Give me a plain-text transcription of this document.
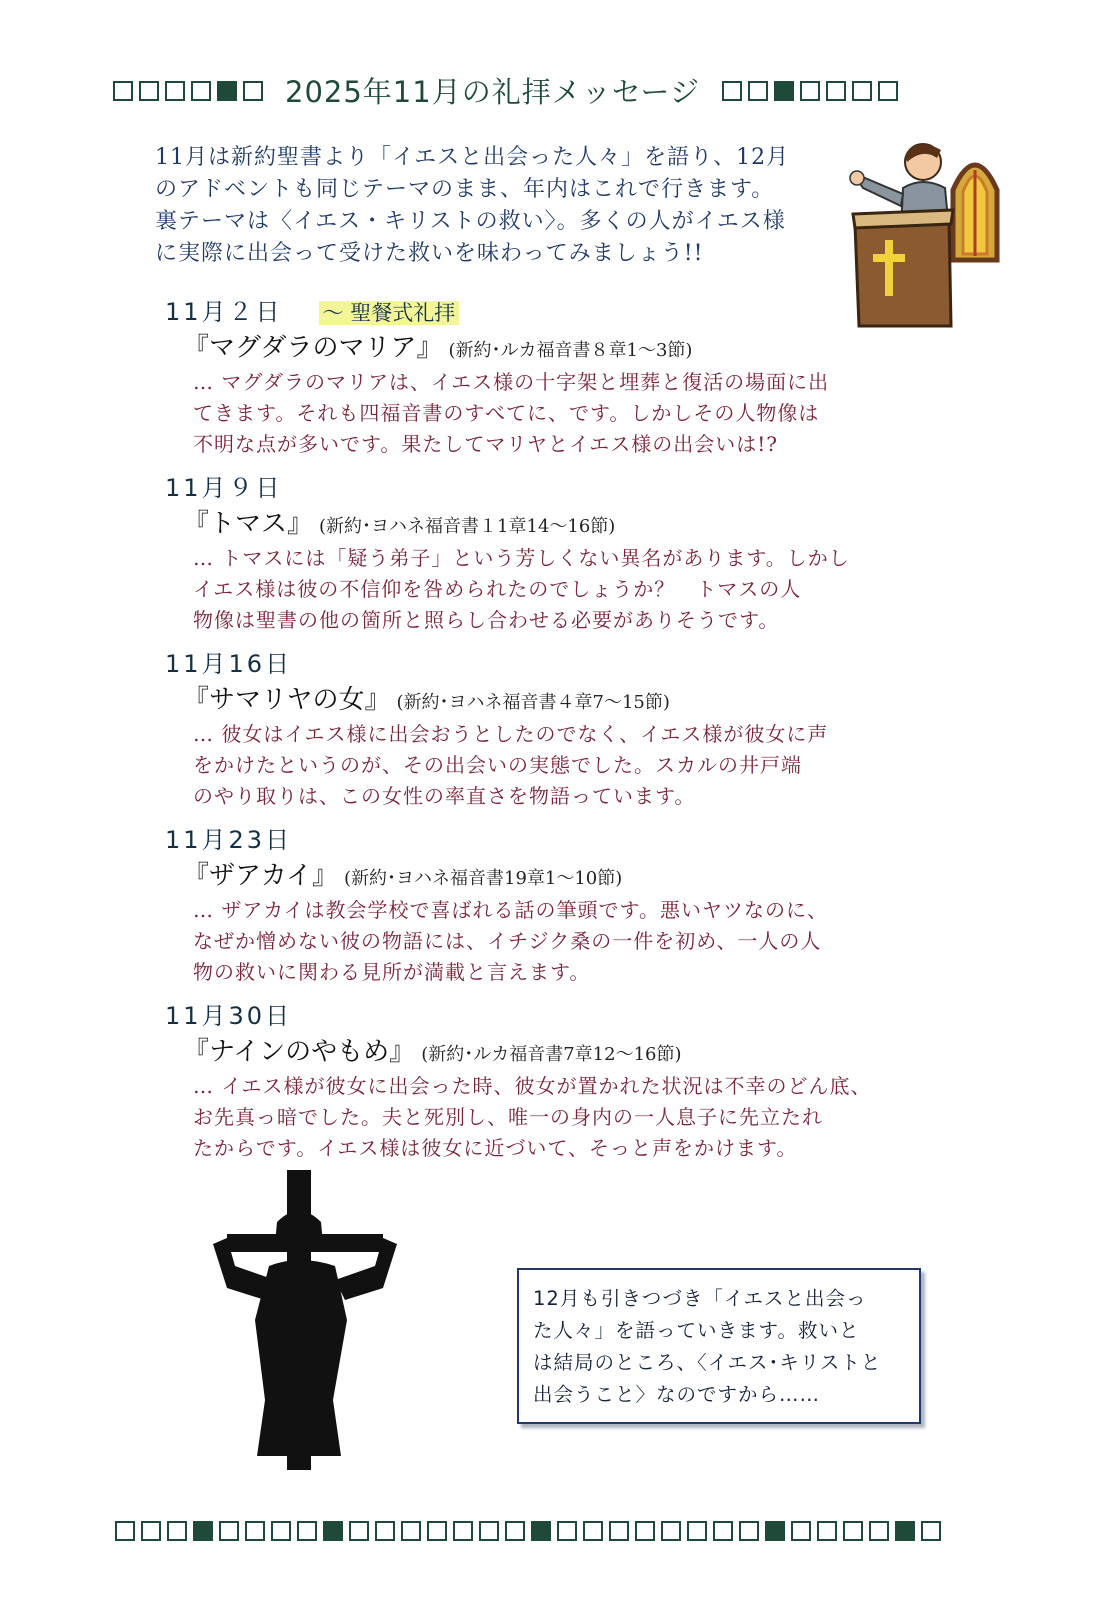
2025年11月の礼拝メッセージ

11月は新約聖書より「イエスと出会った人々」を語り、12月

のアドベントも同じテーマのまま、年内はこれで行きます。

裏テーマは〈イエス・キリストの救い〉。多くの人がイエス様

に実際に出会って受けた救いを味わってみましょう!!

11月２日 〜 聖餐式礼拝
『マグダラのマリア』 (新約･ルカ福音書８章1〜3節)
… マグダラのマリアは、イエス様の十字架と埋葬と復活の場面に出
てきます。それも四福音書のすべてに、です。しかしその人物像は
不明な点が多いです。果たしてマリヤとイエス様の出会いは!?
11月９日
『トマス』 (新約･ヨハネ福音書１1章14〜16節)
… トマスには「疑う弟子」という芳しくない異名があります。しかし
イエス様は彼の不信仰を咎められたのでしょうか？　トマスの人
物像は聖書の他の箇所と照らし合わせる必要がありそうです。
11月16日
『サマリヤの女』 (新約･ヨハネ福音書４章7〜15節)
… 彼女はイエス様に出会おうとしたのでなく、イエス様が彼女に声
をかけたというのが、その出会いの実態でした。スカルの井戸端
のやり取りは、この女性の率直さを物語っています。
11月23日
『ザアカイ』 (新約･ヨハネ福音書19章1〜10節)
… ザアカイは教会学校で喜ばれる話の筆頭です。悪いヤツなのに、
なぜか憎めない彼の物語には、イチジク桑の一件を初め、一人の人
物の救いに関わる見所が満載と言えます。
11月30日
『ナインのやもめ』 (新約･ルカ福音書7章12〜16節)
… イエス様が彼女に出会った時、彼女が置かれた状況は不幸のどん底、
お先真っ暗でした。夫と死別し、唯一の身内の一人息子に先立たれ
たからです。イエス様は彼女に近づいて、そっと声をかけます。
12月も引きつづき「イエスと出会っ
た人々」を語っていきます。救いと
は結局のところ、〈イエス･キリストと
出会うこと〉なのですから……
